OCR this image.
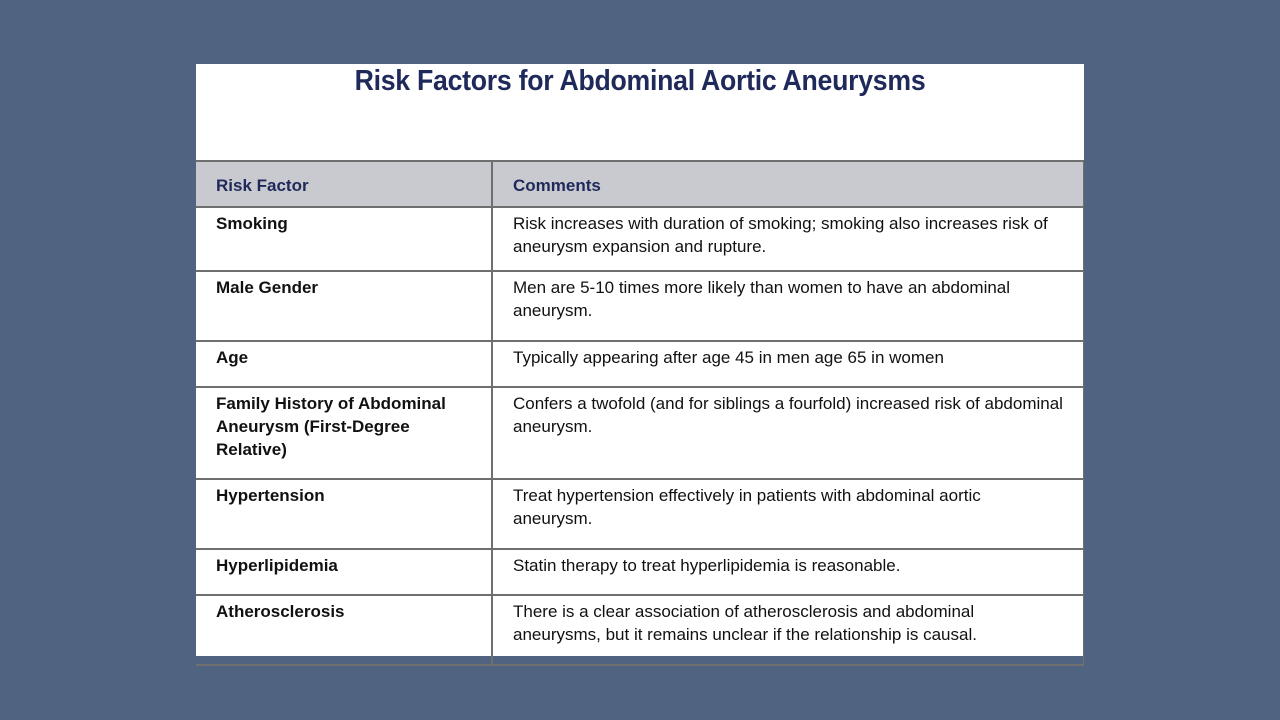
Risk Factors for Abdominal Aortic Aneurysms
Risk Factor	Comments
Smoking	Risk increases with duration of smoking; smoking also increases risk of aneurysm expansion and rupture.
Male Gender	Men are 5-10 times more likely than women to have an abdominal aneurysm.
Age	Typically appearing after age 45 in men age 65 in women
Family History of Abdominal Aneurysm (First-Degree Relative)	Confers a twofold (and for siblings a fourfold) increased risk of abdominal aneurysm.
Hypertension	Treat hypertension effectively in patients with abdominal aortic aneurysm.
Hyperlipidemia	Statin therapy to treat hyperlipidemia is reasonable.
Atherosclerosis	There is a clear association of atherosclerosis and abdominal aneurysms, but it remains unclear if the relationship is causal.
